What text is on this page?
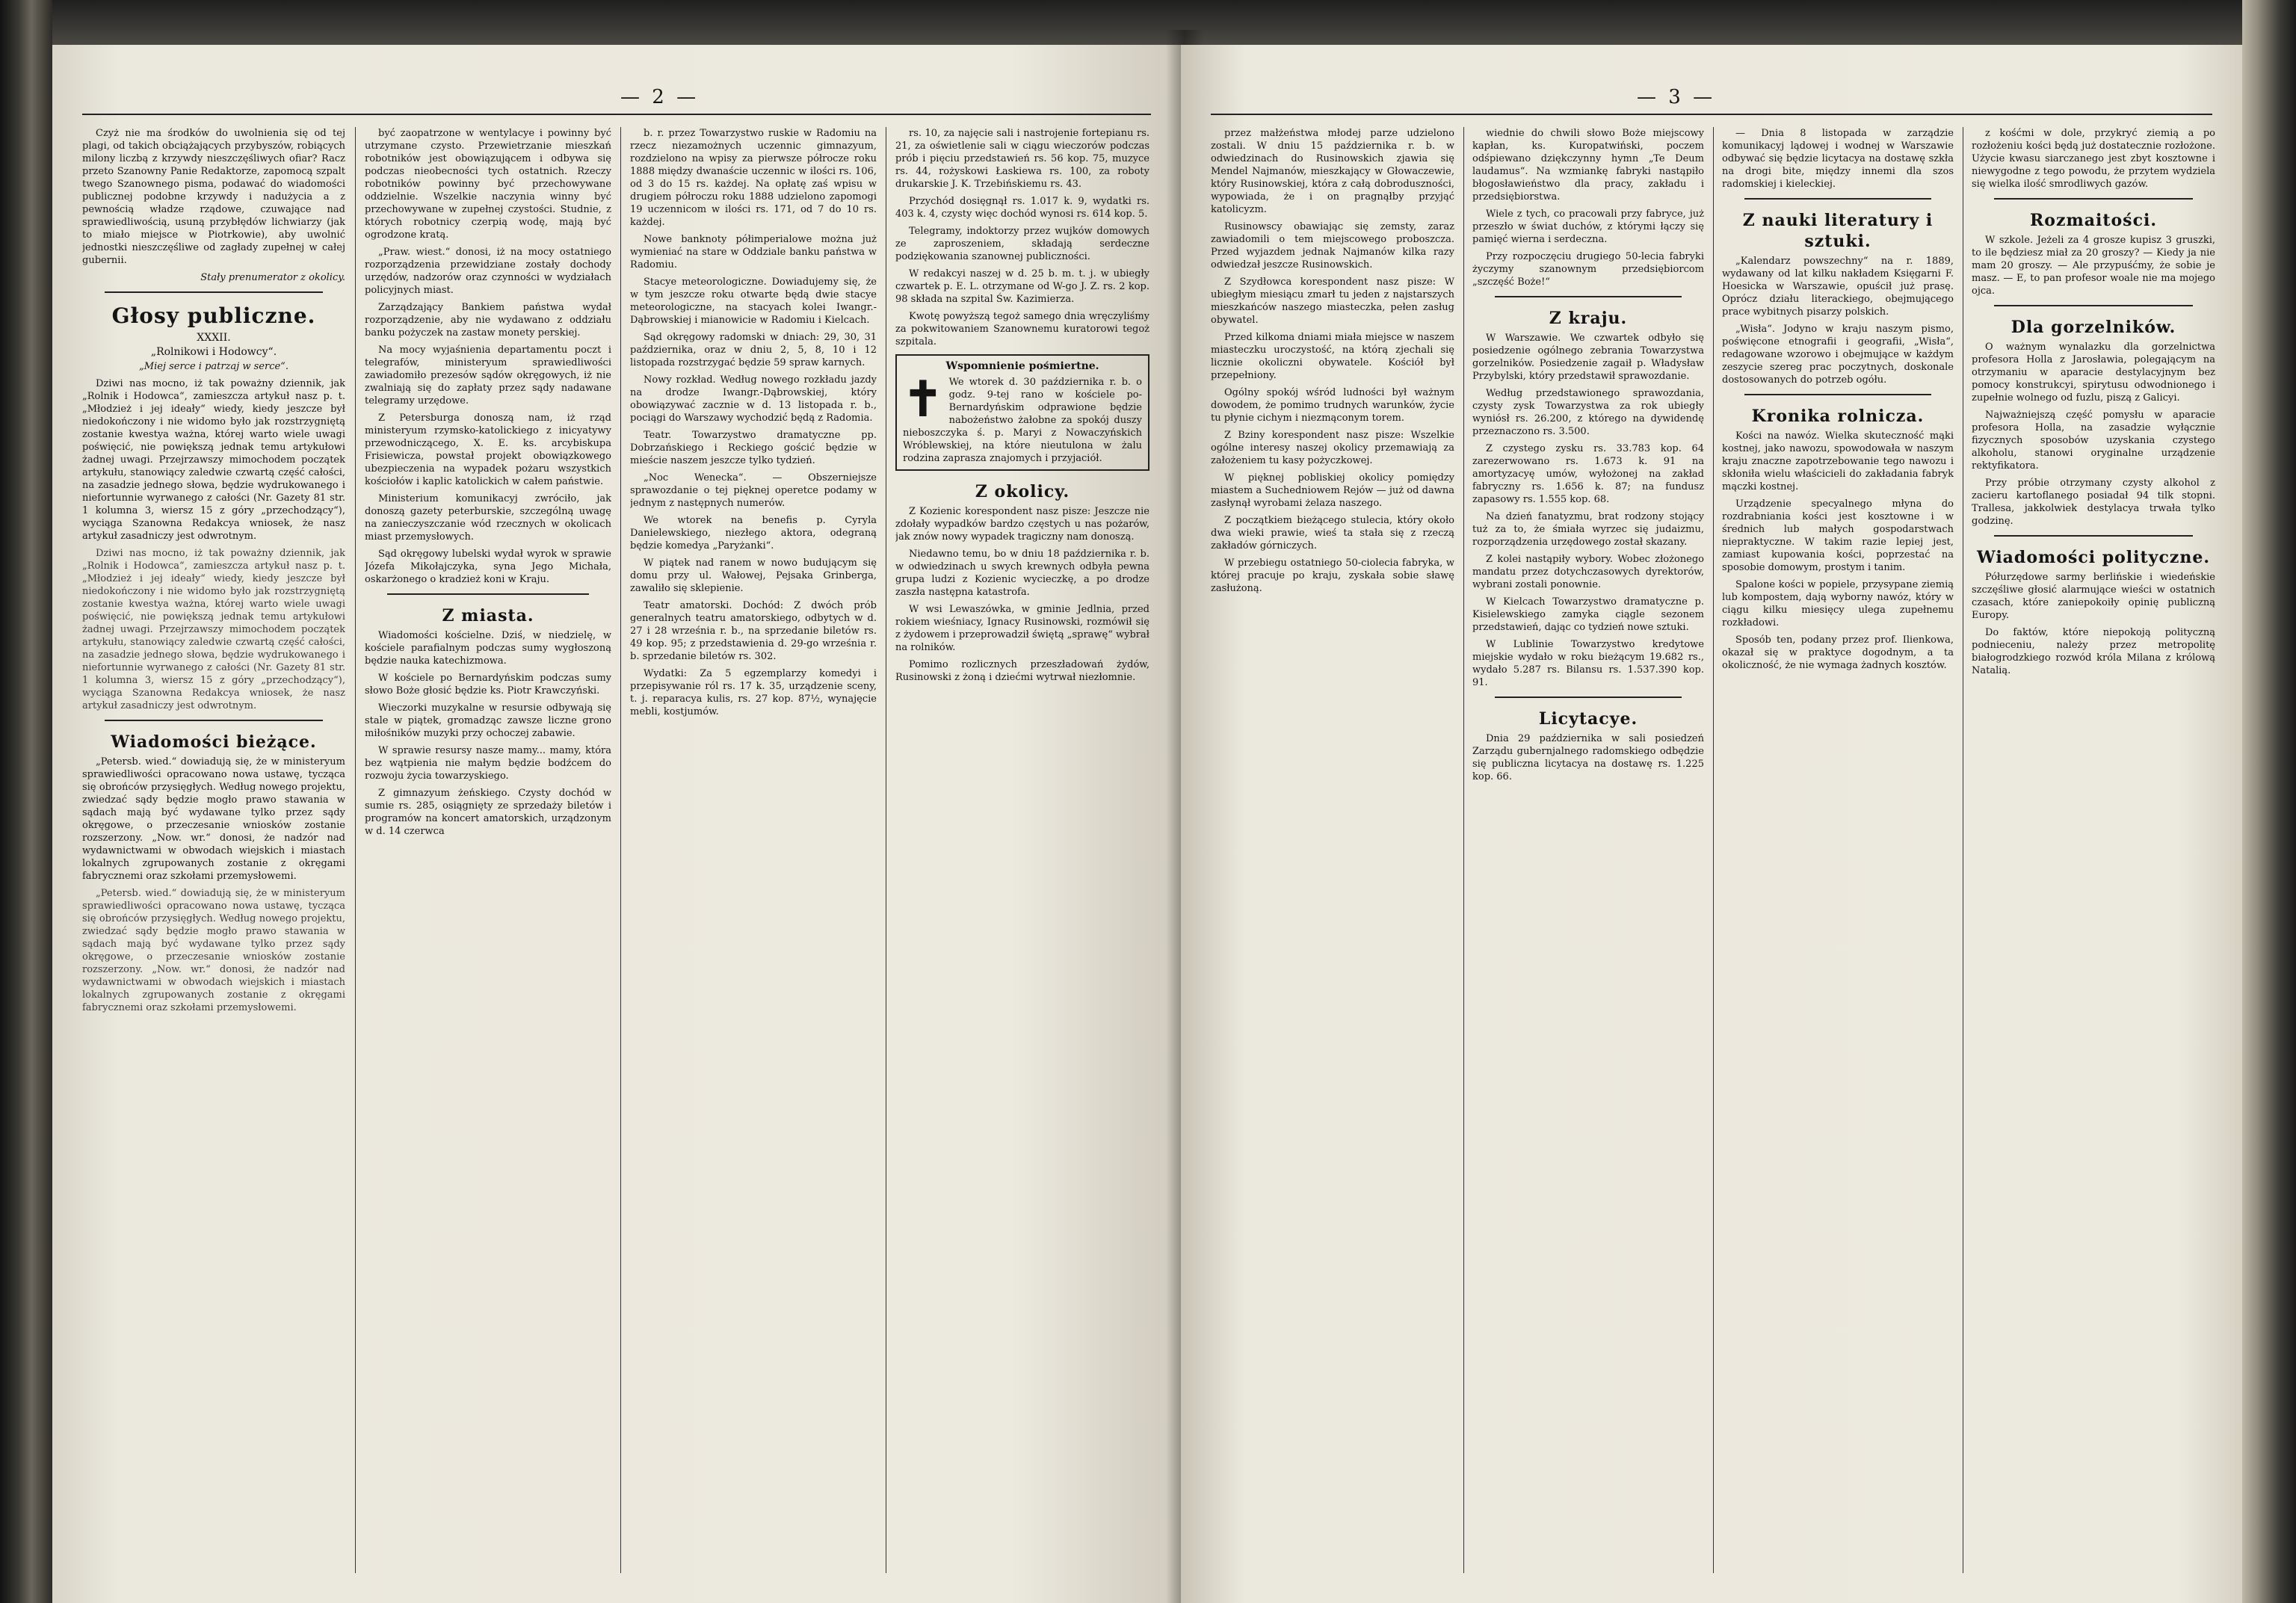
— 2 —

Czyż nie ma środków do uwolnienia się od tej plagi, od takich obciążających przybyszów, robiących milony liczbą z krzywdy nieszczęśliwych ofiar? Racz przeto Szanowny Panie Redaktorze, zapomocą szpalt twego Szanownego pisma, podawać do wiadomości publicznej podobne krzywdy i nadużycia a z pewnością władze rządowe, czuwające nad sprawiedliwością, usuną przybłędów lichwiarzy (jak to miało miejsce w Piotrkowie), aby uwolnić jednostki nieszczęśliwe od zagłady zupełnej w całej gubernii.

Stały prenumerator z okolicy.
Głosy publiczne.
XXXII.
„Rolnikowi i Hodowcy“.
„Miej serce i patrzaj w serce“.

Dziwi nas mocno, iż tak poważny dziennik, jak „Rolnik i Hodowca“, zamieszcza artykuł nasz p. t. „Młodzież i jej ideały“ wiedy, kiedy jeszcze był niedokończony i nie widomo było jak rozstrzygniętą zostanie kwestya ważna, której warto wiele uwagi poświęcić, nie powiększą jednak temu artykułowi żadnej uwagi. Przejrzawszy mimochodem początek artykułu, stanowiący zaledwie czwartą część całości, na zasadzie jednego słowa, będzie wydrukowanego i niefortunnie wyrwanego z całości (Nr. Gazety 81 str. 1 kolumna 3, wiersz 15 z góry „przechodzący“), wyciąga Szanowna Redakcya wniosek, że nasz artykuł zasadniczy jest odwrotnym.

Dziwi nas mocno, iż tak poważny dziennik, jak „Rolnik i Hodowca“, zamieszcza artykuł nasz p. t. „Młodzież i jej ideały“ wiedy, kiedy jeszcze był niedokończony i nie widomo było jak rozstrzygniętą zostanie kwestya ważna, której warto wiele uwagi poświęcić, nie powiększą jednak temu artykułowi żadnej uwagi. Przejrzawszy mimochodem początek artykułu, stanowiący zaledwie czwartą część całości, na zasadzie jednego słowa, będzie wydrukowanego i niefortunnie wyrwanego z całości (Nr. Gazety 81 str. 1 kolumna 3, wiersz 15 z góry „przechodzący“), wyciąga Szanowna Redakcya wniosek, że nasz artykuł zasadniczy jest odwrotnym.

Wiadomości bieżące.

„Petersb. wied.“ dowiadują się, że w ministeryum sprawiedliwości opracowano nowa ustawę, tycząca się obrońców przysięgłych. Według nowego projektu, zwiedzać sądy będzie mogło prawo stawania w sądach mają być wydawane tylko przez sądy okręgowe, o przeczesanie wniosków zostanie rozszerzony. „Now. wr.“ donosi, że nadzór nad wydawnictwami w obwodach wiejskich i miastach lokalnych zgrupowanych zostanie z okręgami fabrycznemi oraz szkołami przemysłowemi.

„Petersb. wied.“ dowiadują się, że w ministeryum sprawiedliwości opracowano nowa ustawę, tycząca się obrońców przysięgłych. Według nowego projektu, zwiedzać sądy będzie mogło prawo stawania w sądach mają być wydawane tylko przez sądy okręgowe, o przeczesanie wniosków zostanie rozszerzony. „Now. wr.“ donosi, że nadzór nad wydawnictwami w obwodach wiejskich i miastach lokalnych zgrupowanych zostanie z okręgami fabrycznemi oraz szkołami przemysłowemi.

być zaopatrzone w wentylacye i powinny być utrzymane czysto. Przewietrzanie mieszkań robotników jest obowiązującem i odbywa się podczas nieobecności tych ostatnich. Rzeczy robotników powinny być przechowywane oddzielnie. Wszelkie naczynia winny być przechowywane w zupełnej czystości. Studnie, z których robotnicy czerpią wodę, mają być ogrodzone kratą.

„Praw. wiest.“ donosi, iż na mocy ostatniego rozporządzenia przewidziane zostały dochody urzędów, nadzorów oraz czynności w wydziałach policyjnych miast.

Zarządzający Bankiem państwa wydał rozporządzenie, aby nie wydawano z oddziału banku pożyczek na zastaw monety perskiej.

Na mocy wyjaśnienia departamentu poczt i telegrafów, ministeryum sprawiedliwości zawiadomiło prezesów sądów okręgowych, iż nie zwalniają się do zapłaty przez sądy nadawane telegramy urzędowe.

Z Petersburga donoszą nam, iż rząd ministeryum rzymsko-katolickiego z inicyatywy przewodniczącego, X. E. ks. arcybiskupa Frisiewicza, powstał projekt obowiązkowego ubezpieczenia na wypadek pożaru wszystkich kościołów i kaplic katolickich w całem państwie.

Ministerium komunikacyj zwróciło, jak donoszą gazety peterburskie, szczególną uwagę na zanieczyszczanie wód rzecznych w okolicach miast przemysłowych.

Sąd okręgowy lubelski wydał wyrok w sprawie Józefa Mikołajczyka, syna Jego Michała, oskarżonego o kradzież koni w Kraju.

Z miasta.

Wiadomości kościelne. Dziś, w niedzielę, w kościele parafialnym podczas sumy wygłoszoną będzie nauka katechizmowa.

W kościele po Bernardyńskim podczas sumy słowo Boże głosić będzie ks. Piotr Krawczyński.

Wieczorki muzykalne w resursie odbywają się stale w piątek, gromadząc zawsze liczne grono miłośników muzyki przy ochoczej zabawie.

W sprawie resursy nasze mamy... mamy, która bez wątpienia nie małym będzie bodźcem do rozwoju życia towarzyskiego.

Z gimnazyum żeńskiego. Czysty dochód w sumie rs. 285, osiągnięty ze sprzedaży biletów i programów na koncert amatorskich, urządzonym w d. 14 czerwca

b. r. przez Towarzystwo ruskie w Radomiu na rzecz niezamożnych uczennic gimnazyum, rozdzielono na wpisy za pierwsze półrocze roku 1888 między dwanaście uczennic w ilości rs. 106, od 3 do 15 rs. każdej. Na opłatę zaś wpisu w drugiem półroczu roku 1888 udzielono zapomogi 19 uczennicom w ilości rs. 171, od 7 do 10 rs. każdej.

Nowe banknoty półimperialowe można już wymieniać na stare w Oddziale banku państwa w Radomiu.

Stacye meteorologiczne. Dowiadujemy się, że w tym jeszcze roku otwarte będą dwie stacye meteorologiczne, na stacyach kolei Iwangr.-Dąbrowskiej i mianowicie w Radomiu i Kielcach.

Sąd okręgowy radomski w dniach: 29, 30, 31 października, oraz w dniu 2, 5, 8, 10 i 12 listopada rozstrzygać będzie 59 spraw karnych.

Nowy rozkład. Według nowego rozkładu jazdy na drodze Iwangr.-Dąbrowskiej, który obowiązywać zacznie w d. 13 listopada r. b., pociągi do Warszawy wychodzić będą z Radomia.

Teatr. Towarzystwo dramatyczne pp. Dobrzańskiego i Reckiego gościć będzie w mieście naszem jeszcze tylko tydzień.

„Noc Wenecka“. — Obszerniejsze sprawozdanie o tej pięknej operetce podamy w jednym z następnych numerów.

We wtorek na benefis p. Cyryla Danielewskiego, niezłego aktora, odegraną będzie komedya „Paryżanki“.

W piątek nad ranem w nowo budującym się domu przy ul. Wałowej, Pejsaka Grinberga, zawaliło się sklepienie.

Teatr amatorski. Dochód: Z dwóch prób generalnych teatru amatorskiego, odbytych w d. 27 i 28 września r. b., na sprzedanie biletów rs. 49 kop. 95; z przedstawienia d. 29-go września r. b. sprzedanie biletów rs. 302.

Wydatki: Za 5 egzemplarzy komedyi i przepisywanie ról rs. 17 k. 35, urządzenie sceny, t. j. reparacya kulis, rs. 27 kop. 87½, wynajęcie mebli, kostjumów.

rs. 10, za najęcie sali i nastrojenie fortepianu rs. 21, za oświetlenie sali w ciągu wieczorów podczas prób i pięciu przedstawień rs. 56 kop. 75, muzyce rs. 44, rożyskowi Łaskiewa rs. 100, za roboty drukarskie J. K. Trzebińskiemu rs. 43.

Przychód dosięgnął rs. 1.017 k. 9, wydatki rs. 403 k. 4, czysty więc dochód wynosi rs. 614 kop. 5.

Telegramy, indoktorzy przez wujków domowych ze zaproszeniem, składają serdeczne podziękowania szanownej publiczności.

W redakcyi naszej w d. 25 b. m. t. j. w ubiegły czwartek p. E. L. otrzymane od W-go J. Z. rs. 2 kop. 98 składa na szpital Św. Kazimierza.

Kwotę powyższą tegoż samego dnia wręczyliśmy za pokwitowaniem Szanownemu kuratorowi tegoż szpitala.

Wspomnienie pośmiertne.
✝ We wtorek d. 30 października r. b. o godz. 9-tej rano w kościele po-Bernardyńskim odprawione będzie nabożeństwo żałobne za spokój duszy nieboszczyka ś. p. Maryi z Nowaczyńskich Wróblewskiej, na które nieutulona w żalu rodzina zaprasza znajomych i przyjaciół.
Z okolicy.

Z Kozienic korespondent nasz pisze: Jeszcze nie zdołały wypadków bardzo częstych u nas pożarów, jak znów nowy wypadek tragiczny nam donoszą.

Niedawno temu, bo w dniu 18 października r. b. w odwiedzinach u swych krewnych odbyła pewna grupa ludzi z Kozienic wycieczkę, a po drodze zaszła następna katastrofa.

W wsi Lewaszówka, w gminie Jedlnia, przed rokiem wieśniacy, Ignacy Rusinowski, rozmówił się z żydowem i przeprowadził świętą „sprawę“ wybrał na rolników.

Pomimo rozlicznych przeszładowań żydów, Rusinowski z żoną i dziećmi wytrwał niezłomnie.

— 3 —

przez małżeństwa młodej parze udzielono zostali. W dniu 15 października r. b. w odwiedzinach do Rusinowskich zjawia się Mendel Najmanów, mieszkający w Głowaczewie, który Rusinowskiej, która z całą dobroduszności, wypowiada, że i on pragnąłby przyjąć katolicyzm.

Rusinowscy obawiając się zemsty, zaraz zawiadomili o tem miejscowego proboszcza. Przed wyjazdem jednak Najmanów kilka razy odwiedzał jeszcze Rusinowskich.

Z Szydłowca korespondent nasz pisze: W ubiegłym miesiącu zmarł tu jeden z najstarszych mieszkańców naszego miasteczka, pełen zasług obywatel.

Przed kilkoma dniami miała miejsce w naszem miasteczku uroczystość, na którą zjechali się licznie okoliczni obywatele. Kościół był przepełniony.

Ogólny spokój wśród ludności był ważnym dowodem, że pomimo trudnych warunków, życie tu płynie cichym i niezmąconym torem.

Z Bziny korespondent nasz pisze: Wszelkie ogólne interesy naszej okolicy przemawiają za założeniem tu kasy pożyczkowej.

W pięknej pobliskiej okolicy pomiędzy miastem a Suchedniowem Rejów — już od dawna zasłynął wyrobami żelaza naszego.

Z początkiem bieżącego stulecia, który około dwa wieki prawie, wieś ta stała się z rzeczą zakładów górniczych.

W przebiegu ostatniego 50-ciolecia fabryka, w której pracuje po kraju, zyskała sobie sławę zasłużoną.

wiednie do chwili słowo Boże miejscowy kapłan, ks. Kuropatwiński, poczem odśpiewano dziękczynny hymn „Te Deum laudamus“. Na wzmiankę fabryki nastąpiło błogosławieństwo dla pracy, zakładu i przedsiębiorstwa.

Wiele z tych, co pracowali przy fabryce, już przeszło w świat duchów, z którymi łączy się pamięć wierna i serdeczna.

Przy rozpoczęciu drugiego 50-lecia fabryki życzymy szanownym przedsiębiorcom „szczęść Boże!“

Z kraju.

W Warszawie. We czwartek odbyło się posiedzenie ogólnego zebrania Towarzystwa gorzelników. Posiedzenie zagaił p. Władysław Przybylski, który przedstawił sprawozdanie.

Według przedstawionego sprawozdania, czysty zysk Towarzystwa za rok ubiegły wyniósł rs. 26.200, z którego na dywidendę przeznaczono rs. 3.500.

Z czystego zysku rs. 33.783 kop. 64 zarezerwowano rs. 1.673 k. 91 na amortyzacyę umów, wyłożonej na zakład fabryczny rs. 1.656 k. 87; na fundusz zapasowy rs. 1.555 kop. 68.

Na dzień fanatyzmu, brat rodzony stojący tuż za to, że śmiała wyrzec się judaizmu, rozporządzenia urzędowego został skazany.

Z kolei nastąpiły wybory. Wobec złożonego mandatu przez dotychczasowych dyrektorów, wybrani zostali ponownie.

W Kielcach Towarzystwo dramatyczne p. Kisielewskiego zamyka ciągle sezonem przedstawień, dając co tydzień nowe sztuki.

W Lublinie Towarzystwo kredytowe miejskie wydało w roku bieżącym 19.682 rs., wydało 5.287 rs. Bilansu rs. 1.537.390 kop. 91.

Licytacye.

Dnia 29 października w sali posiedzeń Zarządu gubernjalnego radomskiego odbędzie się publiczna licytacya na dostawę rs. 1.225 kop. 66.

— Dnia 8 listopada w zarządzie komunikacyj lądowej i wodnej w Warszawie odbywać się będzie licytacya na dostawę szkła na drogi bite, między innemi dla szos radomskiej i kieleckiej.

Z nauki literatury i sztuki.

„Kalendarz powszechny“ na r. 1889, wydawany od lat kilku nakładem Księgarni F. Hoesicka w Warszawie, opuścił już prasę. Oprócz działu literackiego, obejmującego prace wybitnych pisarzy polskich.

„Wisła“. Jodyno w kraju naszym pismo, poświęcone etnografii i geografii, „Wisła“, redagowane wzorowo i obejmujące w każdym zeszycie szereg prac poczytnych, doskonale dostosowanych do potrzeb ogółu.

Kronika rolnicza.

Kości na nawóz. Wielka skuteczność mąki kostnej, jako nawozu, spowodowała w naszym kraju znaczne zapotrzebowanie tego nawozu i skłoniła wielu właścicieli do zakładania fabryk mączki kostnej.

Urządzenie specyalnego młyna do rozdrabniania kości jest kosztowne i w średnich lub małych gospodarstwach niepraktyczne. W takim razie lepiej jest, zamiast kupowania kości, poprzestać na sposobie domowym, prostym i tanim.

Spalone kości w popiele, przysypane ziemią lub kompostem, dają wyborny nawóz, który w ciągu kilku miesięcy ulega zupełnemu rozkładowi.

Sposób ten, podany przez prof. Ilienkowa, okazał się w praktyce dogodnym, a ta okoliczność, że nie wymaga żadnych kosztów.

z kośćmi w dole, przykryć ziemią a po rozłożeniu kości będą już dostatecznie rozłożone. Użycie kwasu siarczanego jest zbyt kosztowne i niewygodne z tego powodu, że przytem wydziela się wielka ilość smrodliwych gazów.

Rozmaitości.

W szkole. Jeżeli za 4 grosze kupisz 3 gruszki, to ile będziesz miał za 20 groszy? — Kiedy ja nie mam 20 groszy. — Ale przypuśćmy, że sobie je masz. — E, to pan profesor woale nie ma mojego ojca.

Dla gorzelników.

O ważnym wynalazku dla gorzelnictwa profesora Holla z Jarosławia, polegającym na otrzymaniu w aparacie destylacyjnym bez pomocy konstrukcyi, spirytusu odwodnionego i zupełnie wolnego od fuzlu, piszą z Galicyi.

Najważniejszą część pomysłu w aparacie profesora Holla, na zasadzie wyłącznie fizycznych sposobów uzyskania czystego alkoholu, stanowi oryginalne urządzenie rektyfikatora.

Przy próbie otrzymany czysty alkohol z zacieru kartoflanego posiadał 94 tilk stopni. Trallesa, jakkolwiek destylacya trwała tylko godzinę.

Wiadomości polityczne.

Półurzędowe sarmy berlińskie i wiedeńskie szczęśliwe głosić alarmujące wieści w ostatnich czasach, które zaniepokoiły opinię publiczną Europy.

Do faktów, które niepokoją polityczną podnieceniu, należy przez metropolitę białogrodzkiego rozwód króla Milana z królową Natalią.
